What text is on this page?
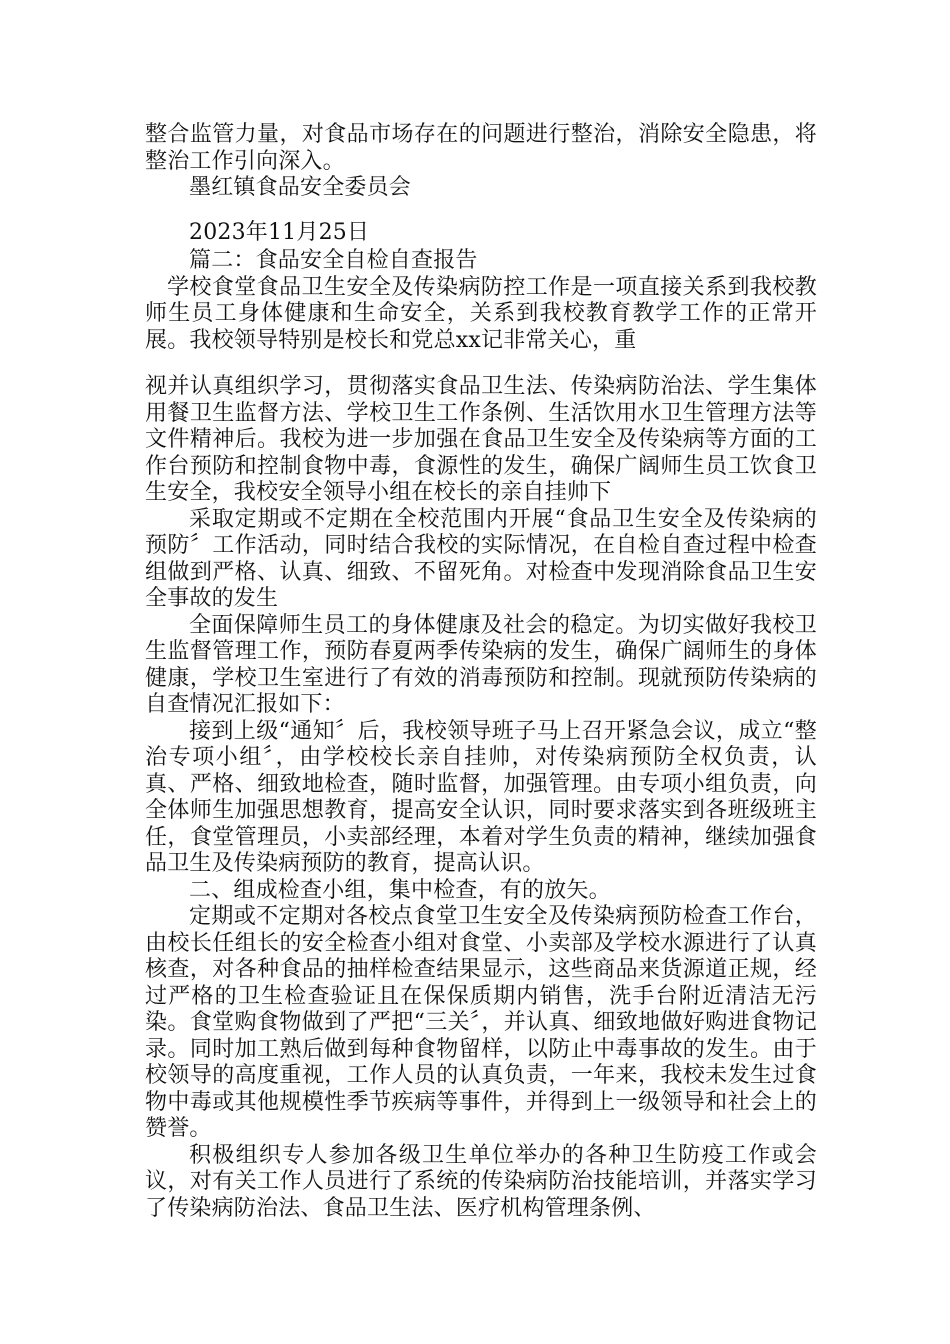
整合监管力量，对食品市场存在的问题进行整治，消除安全隐患，将整治工作引向深入。

墨红镇食品安全委员会

2023年11月25日

篇二：食品安全自检自查报告

学校食堂食品卫生安全及传染病防控工作是一项直接关系到我校教师生员工身体健康和生命安全，关系到我校教育教学工作的正常开展。我校领导特别是校长和党总xx记非常关心，重

视并认真组织学习，贯彻落实食品卫生法、传染病防治法、学生集体用餐卫生监督方法、学校卫生工作条例、生活饮用水卫生管理方法等文件精神后。我校为进一步加强在食品卫生安全及传染病等方面的工作台预防和控制食物中毒，食源性的发生，确保广阔师生员工饮食卫生安全，我校安全领导小组在校长的亲自挂帅下

采取定期或不定期在全校范围内开展“食品卫生安全及传染病的预防〞工作活动，同时结合我校的实际情况，在自检自查过程中检查组做到严格、认真、细致、不留死角。对检查中发现消除食品卫生安全事故的发生

全面保障师生员工的身体健康及社会的稳定。为切实做好我校卫生监督管理工作，预防春夏两季传染病的发生，确保广阔师生的身体健康，学校卫生室进行了有效的消毒预防和控制。现就预防传染病的自查情况汇报如下：

接到上级“通知〞后，我校领导班子马上召开紧急会议，成立“整治专项小组〞，由学校校长亲自挂帅，对传染病预防全权负责，认真、严格、细致地检查，随时监督，加强管理。由专项小组负责，向全体师生加强思想教育，提高安全认识，同时要求落实到各班级班主任，食堂管理员，小卖部经理，本着对学生负责的精神，继续加强食品卫生及传染病预防的教育，提高认识。

二、组成检查小组，集中检查，有的放矢。

定期或不定期对各校点食堂卫生安全及传染病预防检查工作台，由校长任组长的安全检查小组对食堂、小卖部及学校水源进行了认真核查，对各种食品的抽样检查结果显示，这些商品来货源道正规，经过严格的卫生检查验证且在保保质期内销售，洗手台附近清洁无污染。食堂购食物做到了严把“三关〞，并认真、细致地做好购进食物记录。同时加工熟后做到每种食物留样，以防止中毒事故的发生。由于校领导的高度重视，工作人员的认真负责，一年来，我校未发生过食物中毒或其他规模性季节疾病等事件，并得到上一级领导和社会上的赞誉。

积极组织专人参加各级卫生单位举办的各种卫生防疫工作或会议，对有关工作人员进行了系统的传染病防治技能培训，并落实学习了传染病防治法、食品卫生法、医疗机构管理条例、
